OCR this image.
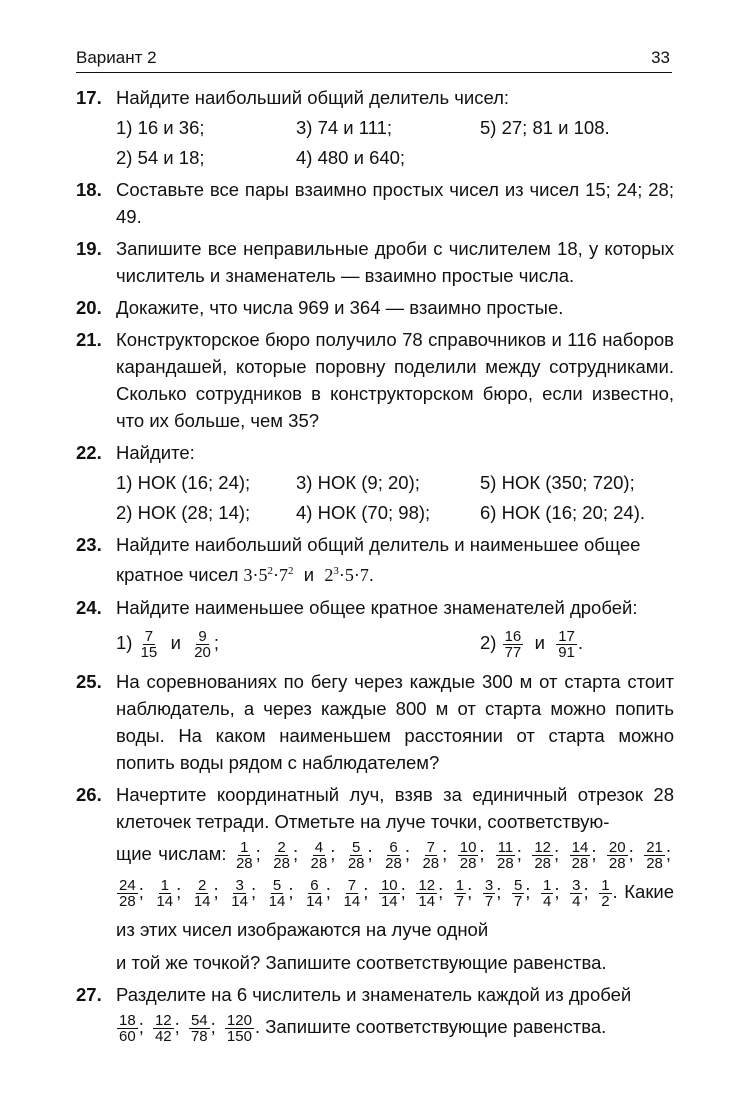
Вариант 2	33
17. Найдите наибольший общий делитель чисел:
1) 16 и 36;	3) 74 и 111;	5) 27; 81 и 108.
2) 54 и 18;	4) 480 и 640;
18. Составьте все пары взаимно простых чисел из чисел 15; 24; 28; 49.
19. Запишите все неправильные дроби с числителем 18, у которых числитель и знаменатель — взаимно простые числа.
20. Докажите, что числа 969 и 364 — взаимно простые.
21. Конструкторское бюро получило 78 справочников и 116 наборов карандашей, которые поровну поделили между сотрудниками. Сколько сотрудников в конструкторском бюро, если известно, что их больше, чем 35?
22. Найдите:
1) НОК (16; 24);	3) НОК (9; 20);	5) НОК (350; 720);
2) НОК (28; 14);	4) НОК (70; 98);	6) НОК (16; 20; 24).
23. Найдите наибольший общий делитель и наименьшее общее
кратное чисел $3\cdot 5^2\cdot 7^2$ и $2^3\cdot 5\cdot 7$.
24. Найдите наименьшее общее кратное знаменателей дробей:
$1) \frac{7}{15}$ и $\frac{9}{20}$ ;	$2) \frac{16}{77}$ и $\frac{17}{91}$ .
25. На соревнованиях по бегу через каждые 300 м от старта стоит наблюдатель, а через каждые 800 м от старта можно попить воды. На каком наименьшем расстоянии от старта можно попить воды рядом с наблюдателем?
26. Начертите координатный луч, взяв за единичный отрезок 28 клеточек тетради. Отметьте на луче точки, соответствую-
щие числам: $\frac{1}{28}$ ; $\frac{2}{28}$ ; $\frac{4}{28}$ ; $\frac{5}{28}$ ; $\frac{6}{28}$ ; $\frac{7}{28}$ ; $\frac{10}{28}$ ; $\frac{11}{28}$ ; $\frac{12}{28}$ ; $\frac{14}{28}$ ; $\frac{20}{28}$ ; $\frac{21}{28}$ ;
$\frac{24}{28}$ ; $\frac{1}{14}$ ; $\frac{2}{14}$ ; $\frac{3}{14}$ ; $\frac{5}{14}$ ; $\frac{6}{14}$ ; $\frac{7}{14}$ ; $\frac{10}{14}$ ; $\frac{12}{14}$ ; $\frac{1}{7}$ ; $\frac{3}{7}$ ; $\frac{5}{7}$ ; $\frac{1}{4}$ ; $\frac{3}{4}$ ; $\frac{1}{2}$ . Какие из этих чисел изображаются на луче одной
и той же точкой? Запишите соответствующие равенства.
27. Разделите на 6 числитель и знаменатель каждой из дробей
$\frac{18}{60}$ ; $\frac{12}{42}$ ; $\frac{54}{78}$ ; $\frac{120}{150}$ . Запишите соответствующие равенства.
